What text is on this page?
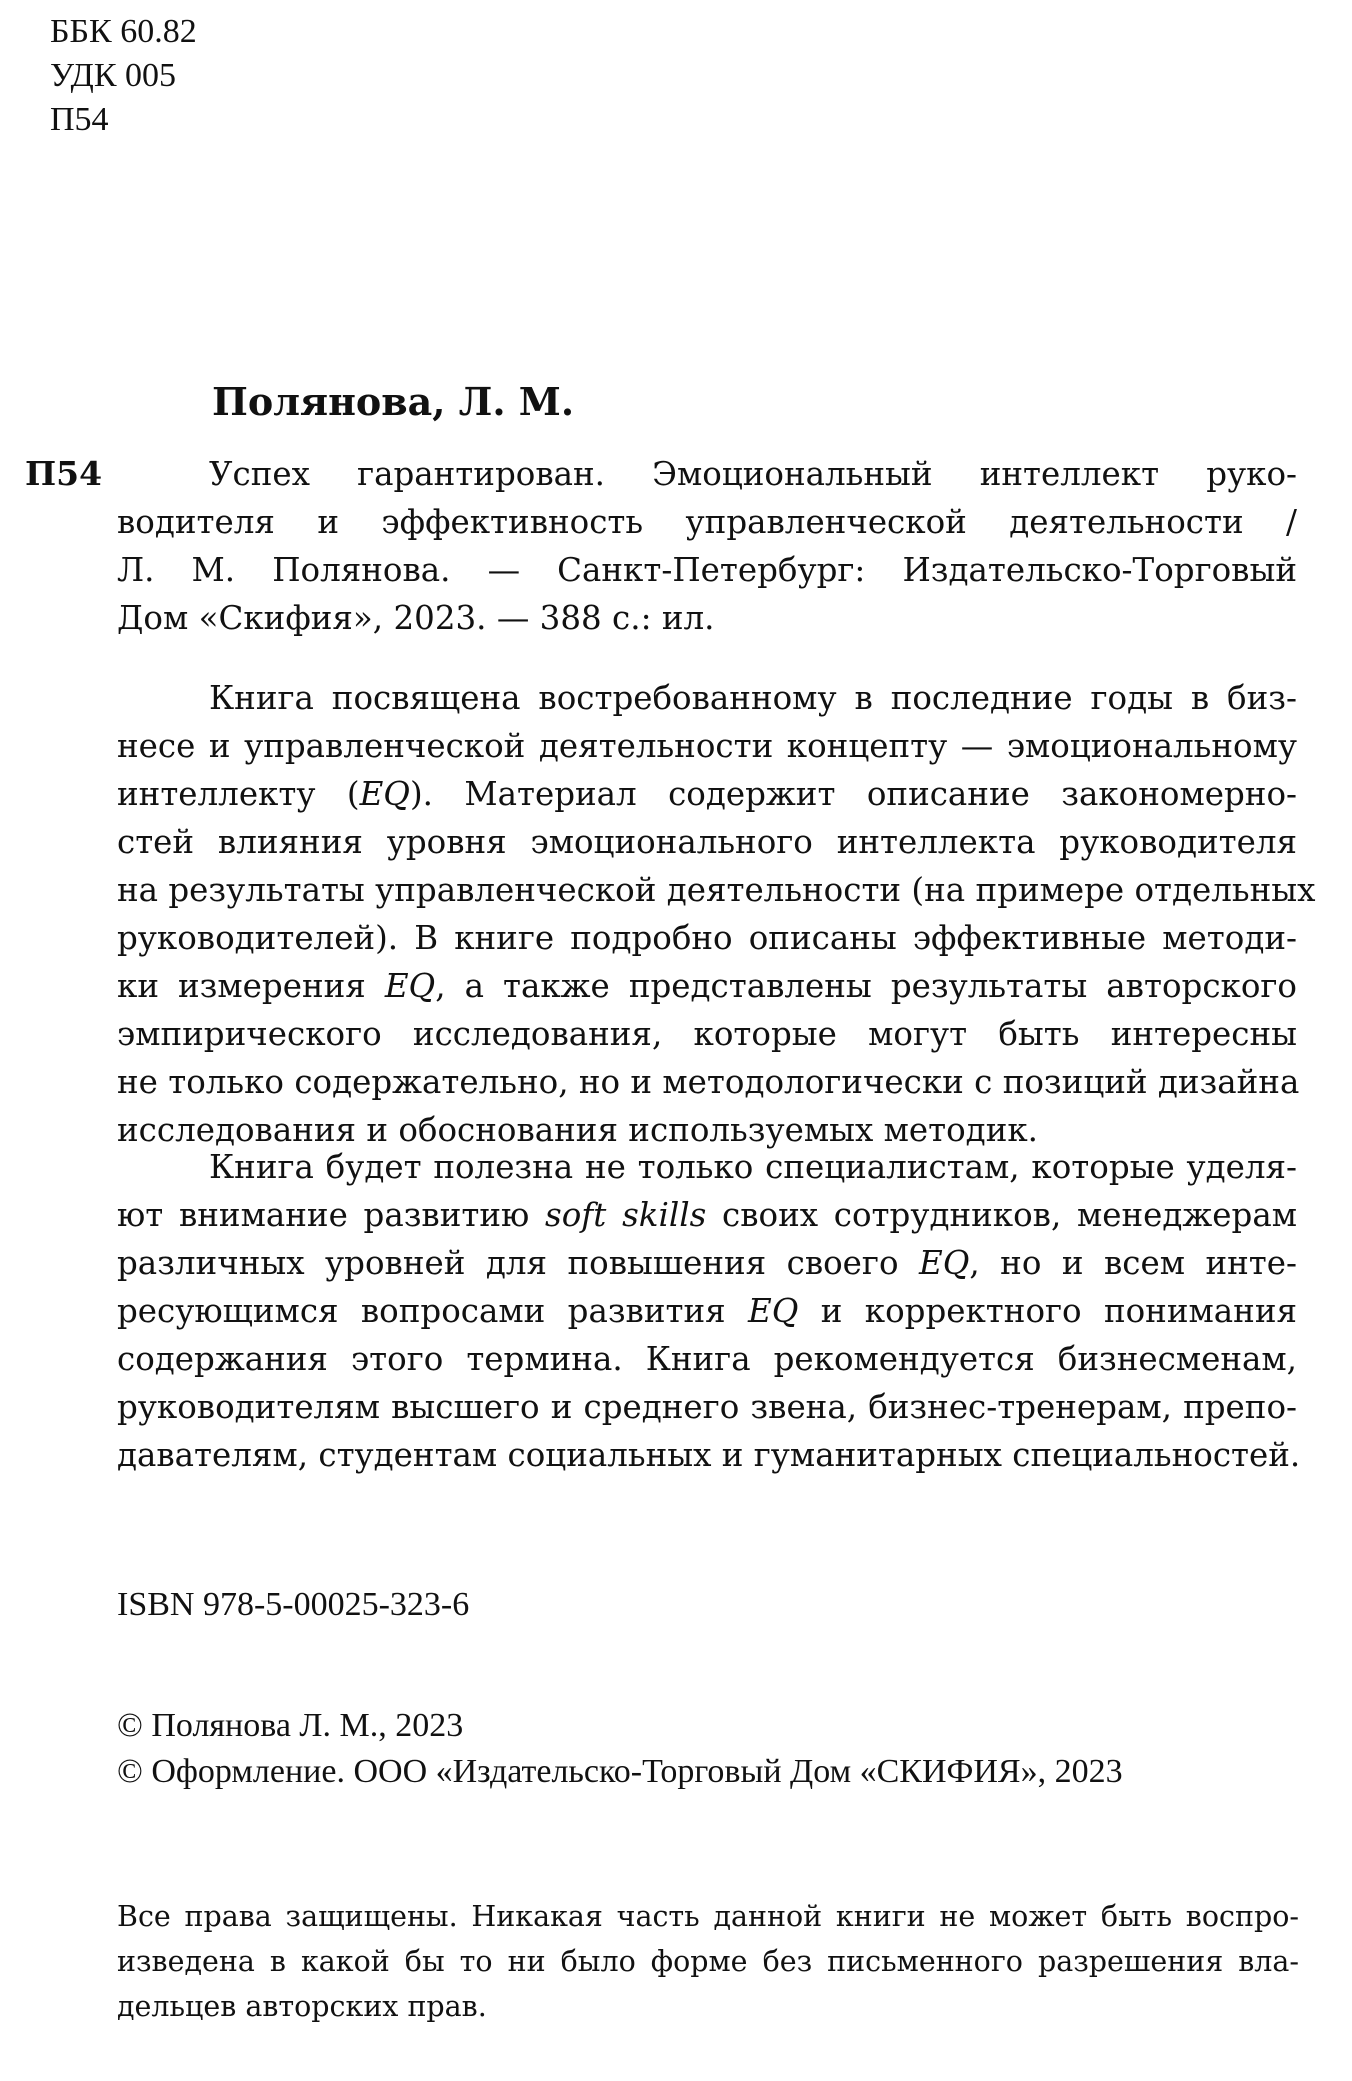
ББК 60.82
УДК 005
П54
Полянова, Л. М.
П54	Успех гарантирован. Эмоциональный интеллект руко-
водителя и эффективность управленческой деятельности /
Л. М. Полянова. — Санкт-Петербург: Издательско-Торговый
Дом «Скифия», 2023. — 388 с.: ил.
Книга посвящена востребованному в последние годы в биз-
несе и управленческой деятельности концепту — эмоциональному
интеллекту (EQ). Материал содержит описание закономерно-
стей влияния уровня эмоционального интеллекта руководителя
на результаты управленческой деятельности (на примере отдельных
руководителей). В книге подробно описаны эффективные методи-
ки измерения EQ, а также представлены результаты авторского
эмпирического исследования, которые могут быть интересны
не только содержательно, но и методологически с позиций дизайна
исследования и обоснования используемых методик.
Книга будет полезна не только специалистам, которые уделя-
ют внимание развитию soft skills своих сотрудников, менеджерам
различных уровней для повышения своего EQ, но и всем инте-
ресующимся вопросами развития EQ и корректного понимания
содержания этого термина. Книга рекомендуется бизнесменам,
руководителям высшего и среднего звена, бизнес-тренерам, препо-
давателям, студентам социальных и гуманитарных специальностей.
ISBN 978-5-00025-323-6
© Полянова Л. М., 2023
© Оформление. ООО «Издательско-Торговый Дом «СКИФИЯ», 2023
Все права защищены. Никакая часть данной книги не может быть воспро-
изведена в какой бы то ни было форме без письменного разрешения вла-
дельцев авторских прав.
